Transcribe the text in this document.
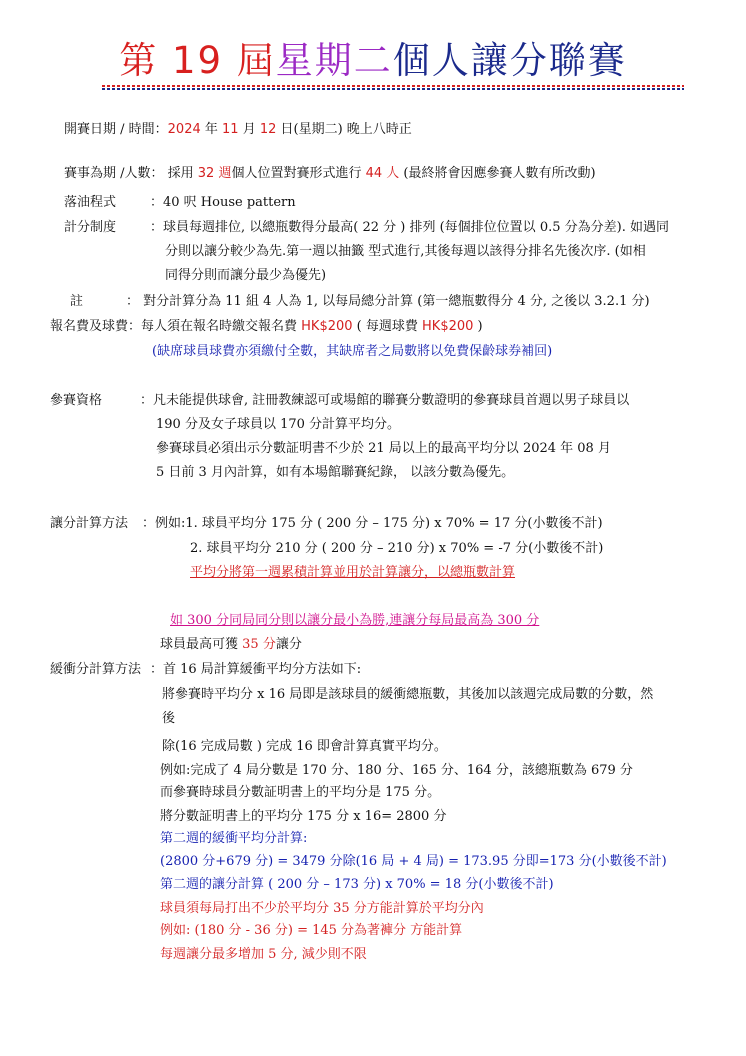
第 19 屆星期二個人讓分聯賽
開賽日期 / 時間：2024 年 11 月 12 日(星期二) 晚上八時正
賽事為期 /人數： 採用 32 週個人位置對賽形式進行 44 人 (最終將會因應參賽人數有所改動)
落油程式	：40 呎 House pattern
計分制度	：球員每週排位, 以總瓶數得分最高( 22 分 ) 排列 (每個排位位置以 0.5 分為分差). 如遇同
分則以讓分較少為先.第一週以抽籤 型式進行,其後每週以該得分排名先後次序. (如相
同得分則而讓分最少為優先)
註	： 對分計算分為 11 組 4 人為 1, 以每局總分計算 (第一總瓶數得分 4 分, 之後以 3.2.1 分)
報名費及球費：每人須在報名時繳交報名費 HK$200 ( 每週球費 HK$200 )
(缺席球員球費亦須繳付全數，其缺席者之局數將以免費保齡球券補回)
參賽資格	：凡未能提供球會, 註冊教練認可或場館的聯賽分數證明的參賽球員首週以男子球員以
190 分及女子球員以 170 分計算平均分。
參賽球員必須出示分數証明書不少於 21 局以上的最高平均分以 2024 年 08 月
5 日前 3 月內計算，如有本場館聯賽紀錄， 以該分數為優先。
讓分計算方法 ：例如:1. 球員平均分 175 分 ( 200 分 – 175 分) x 70% = 17 分(小數後不計)
2. 球員平均分 210 分 ( 200 分 – 210 分) x 70% = -7 分(小數後不計)
平均分將第一週累積計算並用於計算讓分，以總瓶數計算
如 300 分同局同分則以讓分最小為勝,連讓分每局最高為 300 分
球員最高可獲 35 分讓分
緩衝分計算方法 ：首 16 局計算緩衝平均分方法如下:
將參賽時平均分 x 16 局即是該球員的緩衝總瓶數，其後加以該週完成局數的分數，然
後
除(16 完成局數 ) 完成 16 即會計算真實平均分。
例如:完成了 4 局分數是 170 分、180 分、165 分、164 分，該總瓶數為 679 分
而參賽時球員分數証明書上的平均分是 175 分。
將分數証明書上的平均分 175 分 x 16= 2800 分
第二週的緩衝平均分計算:
(2800 分+679 分) = 3479 分除(16 局 + 4 局) = 173.95 分即=173 分(小數後不計)
第二週的讓分計算 ( 200 分 – 173 分) x 70% = 18 分(小數後不計)
球員須每局打出不少於平均分 35 分方能計算於平均分內
例如: (180 分 - 36 分) = 145 分為著褲分 方能計算
每週讓分最多增加 5 分, 減少則不限
